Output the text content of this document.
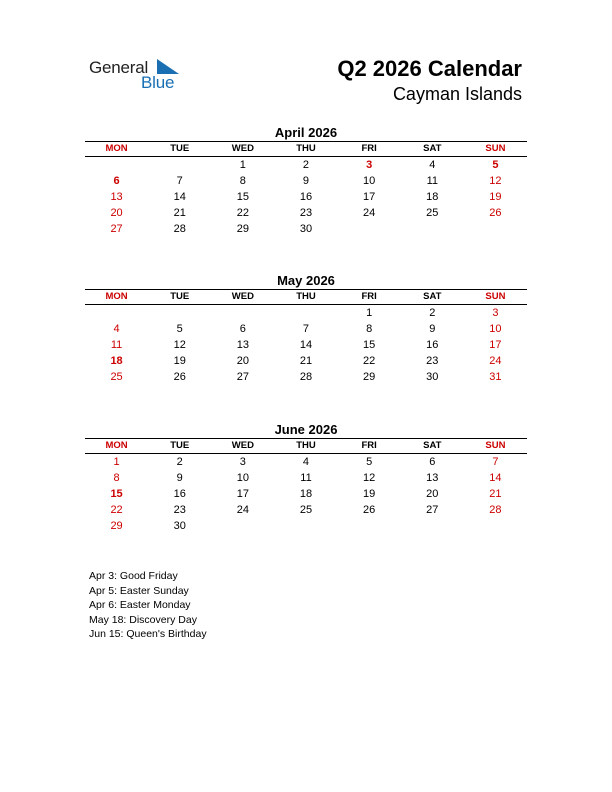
General
Blue
Q2 2026 Calendar
Cayman Islands
April 2026
MON	TUE	WED	THU	FRI	SAT	SUN
		1	2	3	4	5
6	7	8	9	10	11	12
13	14	15	16	17	18	19
20	21	22	23	24	25	26
27	28	29	30			
May 2026
MON	TUE	WED	THU	FRI	SAT	SUN
				1	2	3
4	5	6	7	8	9	10
11	12	13	14	15	16	17
18	19	20	21	22	23	24
25	26	27	28	29	30	31
June 2026
MON	TUE	WED	THU	FRI	SAT	SUN
1	2	3	4	5	6	7
8	9	10	11	12	13	14
15	16	17	18	19	20	21
22	23	24	25	26	27	28
29	30					
Apr 3: Good Friday
Apr 5: Easter Sunday
Apr 6: Easter Monday
May 18: Discovery Day
Jun 15: Queen's Birthday
